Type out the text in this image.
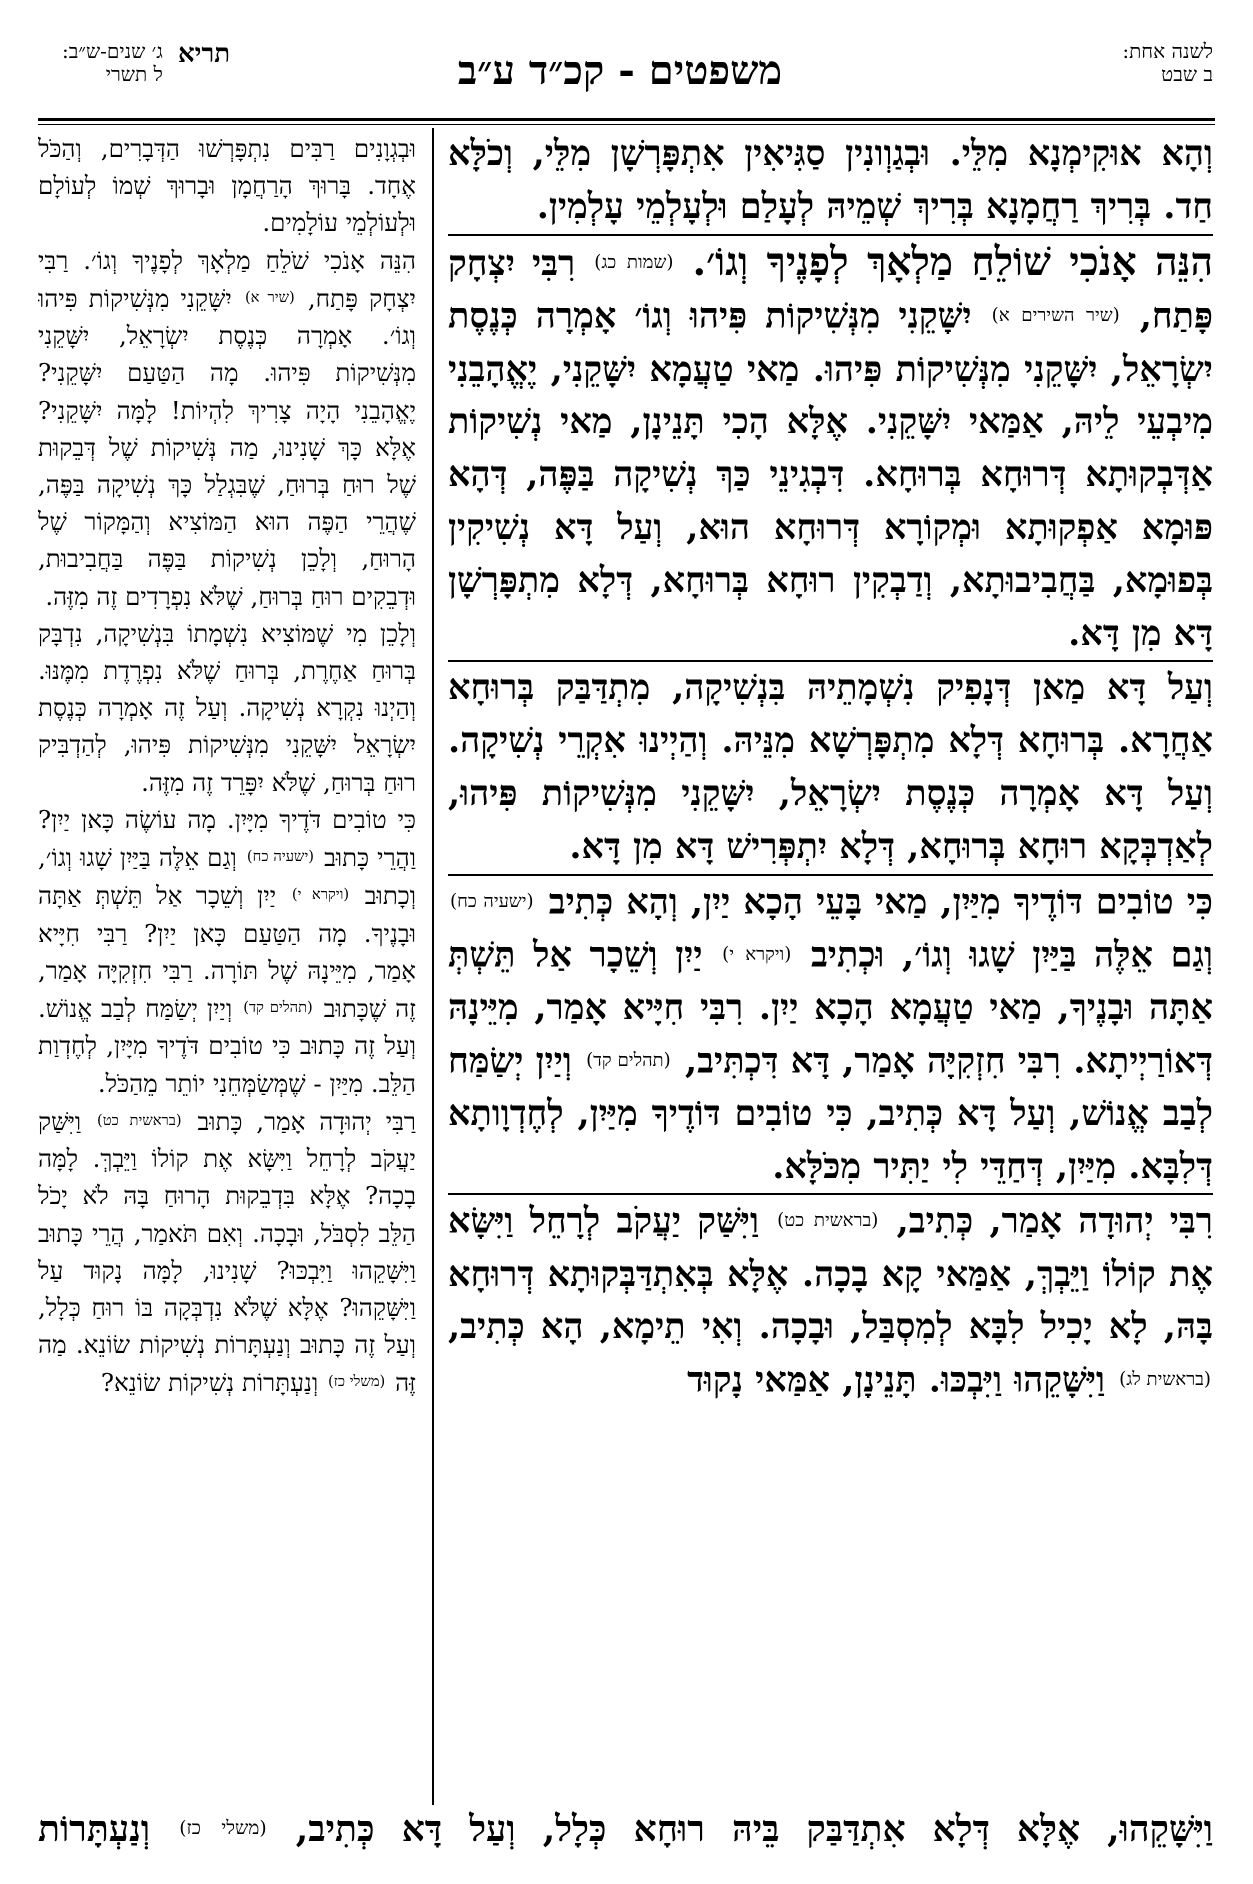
תריא ג׳ שנים-ש״ב:
ל תשרי	משפטים - קכ״ד ע״ב	לשנה אחת:
ב שבט

וְהָא אוּקִימְנָא מִלֵּי. וּבְגַוְונִין סַגִּיאִין אִתְפָּרְשָׁן מִלֵּי, וְכֹלָּא חַד. בְּרִיךְ רַחֲמָנָא בְּרִיךְ שְׁמֵיהּ לְעָלַם וּלְעָלְמֵי עָלְמִין.

הִנֵּה אָנֹכִי שׁוֹלֵחַ מַלְאָךְ לְפָנֶיךָ וְגוֹ׳. (שמות כג) רִבִּי יִצְחָק פָּתַח, (שיר השירים א) יִשָּׁקֵנִי מִנְּשִׁיקוֹת פִּיהוּ וְגוֹ׳ אָמְרָה כְּנֶסֶת יִשְׂרָאֵל, יִשָּׁקֵנִי מִנְּשִׁיקוֹת פִּיהוּ. מַאי טַעֲמָא יִשָּׁקֵנִי, יֶאֱהָבֵנִי מִיבְעֵי לֵיהּ, אַמַּאי יִשָּׁקֵנִי. אֶלָּא הָכִי תָּנֵינָן, מַאי נְשִׁיקוֹת אַדְּבְקוּתָא דְּרוּחָא בְּרוּחָא. דִּבְגִינֵי כַּךְ נְשִׁיקָה בַּפֶּה, דְּהָא פּוּמָא אַפְקוּתָא וּמְקוֹרָא דְּרוּחָא הוּא, וְעַל דָּא נְשִׁיקִין בְּפוּמָא, בַּחֲבִיבוּתָא, וְדַבְקִין רוּחָא בְּרוּחָא, דְּלָא מִתְפָּרְשָׁן דָּא מִן דָּא.

וְעַל דָּא מַאן דְּנָפִיק נִשְׁמָתֵיהּ בִּנְשִׁיקָה, מִתְדַּבַּק בְּרוּחָא אַחֲרָא. בְּרוּחָא דְּלָא מִתְפָּרְשָׁא מִנֵּיהּ. וְהַיְינוּ אִקְרֵי נְשִׁיקָה. וְעַל דָּא אָמְרָה כְּנֶסֶת יִשְׂרָאֵל, יִשָּׁקֵנִי מִנְּשִׁיקוֹת פִּיהוּ, לְאַדְבְּקָא רוּחָא בְּרוּחָא, דְּלָא יִתְפְּרִישׁ דָּא מִן דָּא.

כִּי טוֹבִים דּוֹדֶיךָ מִיַּיִן, מַאי בָּעֵי הָכָא יַיִן, וְהָא כְּתִיב (ישעיה כח) וְגַם אֵלֶּה בַּיַּיִן שָׁגוּ וְגוֹ׳, וּכְתִיב (ויקרא י) יַיִן וְשֵׁכָר אַל תֵּשְׁתְּ אַתָּה וּבָנֶיךָ, מַאי טַעֲמָא הָכָא יַיִן. רִבִּי חִיָּיא אָמַר, מִיֵּינָהּ דְּאוֹרַיְיתָא. רִבִּי חִזְקִיָּה אָמַר, דָּא דִּכְתִּיב, (תהלים קד) וְיַיִן יְשַׂמַּח לְבַב אֱנוֹשׁ, וְעַל דָּא כְּתִיב, כִּי טוֹבִים דּוֹדֶיךָ מִיַּיִן, לְחֶדְוָותָא דְּלִבָּא. מִיַּיִן, דְּחַדֵּי לִי יַתִּיר מִכֹּלָּא.

רִבִּי יְהוּדָה אָמַר, כְּתִיב, (בראשית כט) וַיִּשַּׁק יַעֲקֹב לְרָחֵל וַיִּשָּׂא אֶת קוֹלוֹ וַיֵּבְךְּ, אַמַּאי קָא בָכָה. אֶלָּא בְּאִתְדַּבְּקוּתָא דְּרוּחָא בָּהּ, לָא יָכִיל לִבָּא לְמִסְבַּל, וּבָכָה. וְאִי תֵימָא, הָא כְּתִיב, (בראשית לג) וַיִּשָּׁקֵהוּ וַיִּבְכּוּ. תָּנֵינָן, אַמַּאי נָקוּד

וּבְגְוָנִים רַבִּים נִתְפָּרְשׁוּ הַדְּבָרִים, וְהַכֹּל אֶחָד. בָּרוּךְ הָרַחֲמָן וּבָרוּךְ שְׁמוֹ לְעוֹלָם וּלְעוֹלְמֵי עוֹלָמִים.

הִנֵּה אָנֹכִי שֹׁלֵחַ מַלְאָךְ לְפָנֶיךָ וְגוֹ׳. רַבִּי יִצְחָק פָּתַח, $^{(שיר א)}$ יִשָּׁקֵנִי מִנְּשִׁיקוֹת פִּיהוּ וְגוֹ׳. אָמְרָה כְּנֶסֶת יִשְׂרָאֵל, יִשָּׁקֵנִי מִנְּשִׁיקוֹת פִּיהוּ. מָה הַטַּעַם יִשָּׁקֵנִי? יֶאֱהָבֵנִי הָיָה צָרִיךְ לִהְיוֹת! לָמָּה יִשָּׁקֵנִי? אֶלָּא כָּךְ שָׁנִינוּ, מַה נְּשִׁיקוֹת שֶׁל דְּבֵקוּת שֶׁל רוּחַ בְּרוּחַ, שֶׁבִּגְלַל כָּךְ נְשִׁיקָה בַּפֶּה, שֶׁהֲרֵי הַפֶּה הוּא הַמּוֹצִיא וְהַמָּקוֹר שֶׁל הָרוּחַ, וְלָכֵן נְשִׁיקוֹת בַּפֶּה בַּחֲבִיבוּת, וּדְבֵקִים רוּחַ בְּרוּחַ, שֶׁלֹּא נִפְרָדִים זֶה מִזֶּה.

וְלָכֵן מִי שֶׁמּוֹצִיא נִשְׁמָתוֹ בִּנְשִׁיקָה, נִדְבָּק בְּרוּחַ אַחֶרֶת, בְּרוּחַ שֶׁלֹּא נִפְרֶדֶת מִמֶּנּוּ. וְהַיְנוּ נִקְרָא נְשִׁיקָה. וְעַל זֶה אָמְרָה כְּנֶסֶת יִשְׂרָאֵל יִשָּׁקֵנִי מִנְּשִׁיקוֹת פִּיהוּ, לְהַדְבִּיק רוּחַ בְּרוּחַ, שֶׁלֹּא יִפָּרֵד זֶה מִזֶּה.

כִּי טוֹבִים דֹּדֶיךָ מִיָּיִן. מָה עוֹשֶׂה כָּאן יַיִן? וַהֲרֵי כָּתוּב $^{(ישעיה כח)}$ וְגַם אֵלֶּה בַּיַּיִן שָׁגוּ וְגוֹ׳, וְכָתוּב $^{(ויקרא י)}$ יַיִן וְשֵׁכָר אַל תֵּשְׁתְּ אַתָּה וּבָנֶיךָ. מָה הַטַּעַם כָּאן יַיִן? רַבִּי חִיָּיא אָמַר, מִיֵּינָהּ שֶׁל תּוֹרָה. רַבִּי חִזְקִיָּה אָמַר, זֶה שֶׁכָּתוּב $^{(תהלים קד)}$ וְיַיִן יְשַׂמַּח לְבַב אֱנוֹשׁ. וְעַל זֶה כָּתוּב כִּי טוֹבִים דֹּדֶיךָ מִיָּיִן, לְחֶדְוַת הַלֵּב. מִיַּיִן - שֶׁמְּשַׂמְּחֵנִי יוֹתֵר מֵהַכֹּל.

רַבִּי יְהוּדָה אָמַר, כָּתוּב $^{(בראשית כט)}$ וַיִּשַּׁק יַעֲקֹב לְרָחֵל וַיִּשָּׂא אֶת קוֹלוֹ וַיֵּבְךְּ. לָמָּה בָכָה? אֶלָּא בִּדְבֵקוּת הָרוּחַ בָּהּ לֹא יָכֹל הַלֵּב לִסְבֹּל, וּבָכָה. וְאִם תֹּאמַר, הֲרֵי כָּתוּב וַיִּשָּׁקֵהוּ וַיִּבְכּוּ? שָׁנִינוּ, לָמָּה נָקוּד עַל וַיִּשָּׁקֵהוּ? אֶלָּא שֶׁלֹּא נִדְבְּקָה בּוֹ רוּחַ כְּלָל, וְעַל זֶה כָּתוּב וְנַעְתָּרוֹת נְשִׁיקוֹת שׂוֹנֵא. מַה זֶּה $^{(משלי כז)}$ וְנַעְתָּרוֹת נְשִׁיקוֹת שׂוֹנֵא?

וַיִּשָּׁקֵהוּ, אֶלָּא דְּלָא אִתְדַּבַּק בֵּיהּ רוּחָא כְּלָל, וְעַל דָּא כְּתִיב, (משלי כז) וְנַעְתָּרוֹת
